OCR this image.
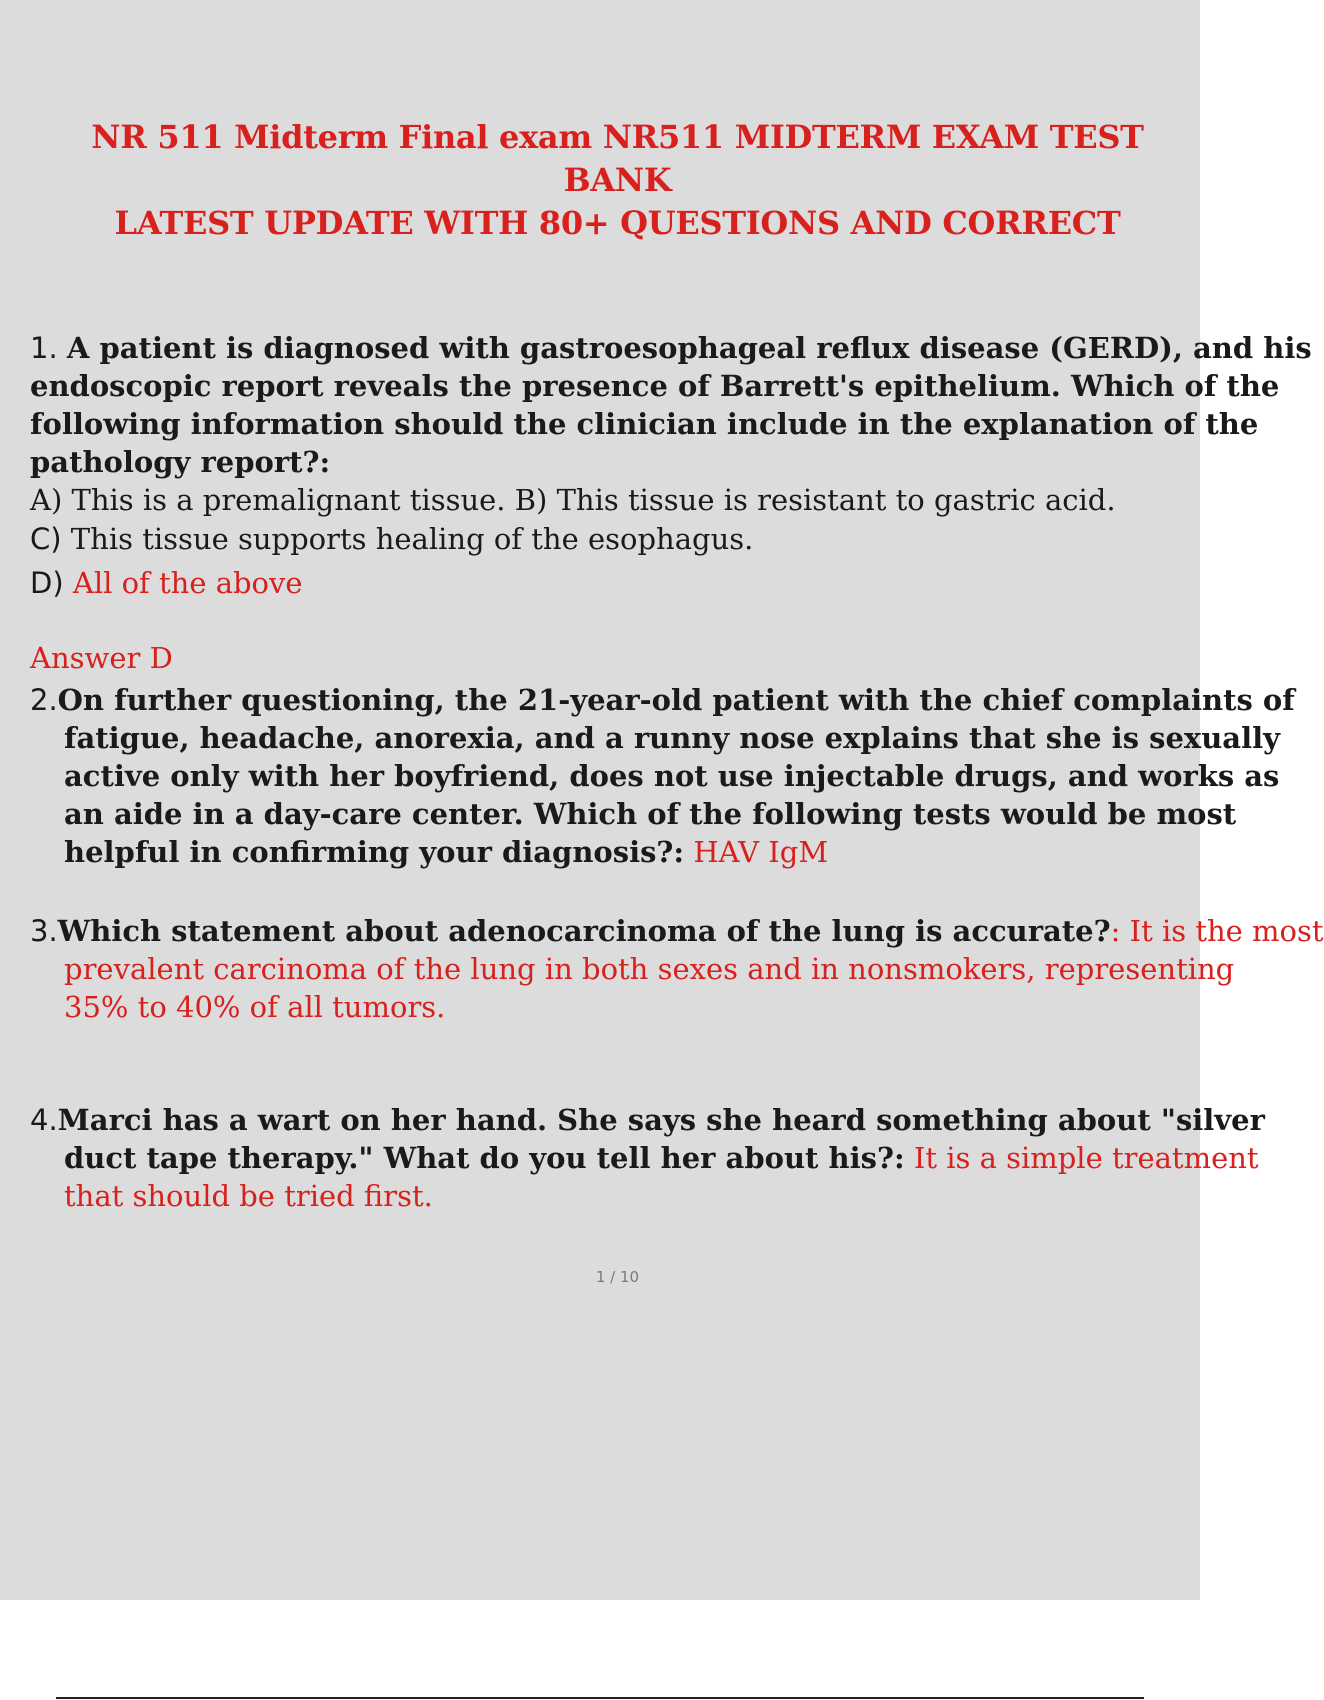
NR 511 Midterm Final exam NR511 MIDTERM EXAM TEST BANK
LATEST UPDATE WITH 80+ QUESTIONS AND CORRECT
1. A patient is diagnosed with gastroesophageal reflux disease (GERD), and his
endoscopic report reveals the presence of Barrett's epithelium. Which of the
following information should the clinician include in the explanation of the
pathology report?:
A) This is a premalignant tissue. B) This tissue is resistant to gastric acid.
C) This tissue supports healing of the esophagus.
D) All of the above
Answer D
2.On further questioning, the 21-year-old patient with the chief complaints of
fatigue, headache, anorexia, and a runny nose explains that she is sexually
active only with her boyfriend, does not use injectable drugs, and works as
an aide in a day-care center. Which of the following tests would be most
helpful in confirming your diagnosis?: HAV IgM
3.Which statement about adenocarcinoma of the lung is accurate?: It is the most
prevalent carcinoma of the lung in both sexes and in nonsmokers, representing
35% to 40% of all tumors.
4.Marci has a wart on her hand. She says she heard something about "silver
duct tape therapy." What do you tell her about his?: It is a simple treatment
that should be tried first.
1 / 10
